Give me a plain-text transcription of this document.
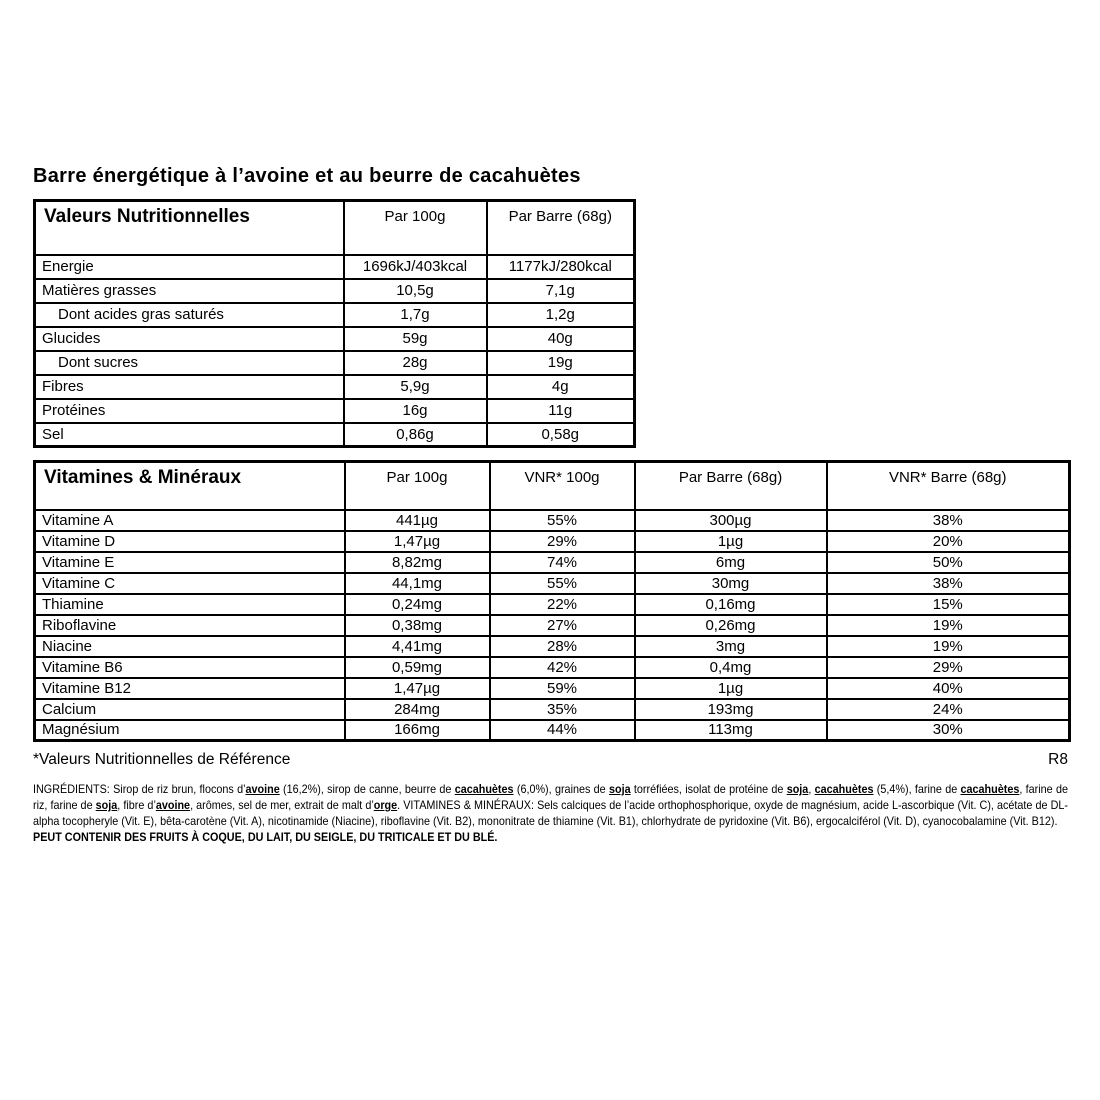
Barre énergétique à l’avoine et au beurre de cacahuètes
Valeurs Nutritionnelles	Par 100g	Par Barre (68g)
Energie	1696kJ/403kcal	1177kJ/280kcal
Matières grasses	10,5g	7,1g
Dont acides gras saturés	1,7g	1,2g
Glucides	59g	40g
Dont sucres	28g	19g
Fibres	5,9g	4g
Protéines	16g	11g
Sel	0,86g	0,58g
Vitamines & Minéraux	Par 100g	VNR* 100g	Par Barre (68g)	VNR* Barre (68g)
Vitamine A	441µg	55%	300µg	38%
Vitamine D	1,47µg	29%	1µg	20%
Vitamine E	8,82mg	74%	6mg	50%
Vitamine C	44,1mg	55%	30mg	38%
Thiamine	0,24mg	22%	0,16mg	15%
Riboflavine	0,38mg	27%	0,26mg	19%
Niacine	4,41mg	28%	3mg	19%
Vitamine B6	0,59mg	42%	0,4mg	29%
Vitamine B12	1,47µg	59%	1µg	40%
Calcium	284mg	35%	193mg	24%
Magnésium	166mg	44%	113mg	30%
*Valeurs Nutritionnelles de Référence	R8

INGRÉDIENTS: Sirop de riz brun, flocons d’avoine (16,2%), sirop de canne, beurre de cacahuètes (6,0%), graines de soja torréfiées, isolat de protéine de soja, cacahuètes (5,4%), farine de cacahuètes, farine de riz, farine de soja, fibre d’avoine, arômes, sel de mer, extrait de malt d’orge. VITAMINES & MINÉRAUX: Sels calciques de l’acide orthophosphorique, oxyde de magnésium, acide L-ascorbique (Vit. C), acétate de DL-alpha tocopheryle (Vit. E), bêta-carotène (Vit. A), nicotinamide (Niacine), riboflavine (Vit. B2), mononitrate de thiamine (Vit. B1), chlorhydrate de pyridoxine (Vit. B6), ergocalciférol (Vit. D), cyanocobalamine (Vit. B12).

PEUT CONTENIR DES FRUITS À COQUE, DU LAIT, DU SEIGLE, DU TRITICALE ET DU BLÉ.
